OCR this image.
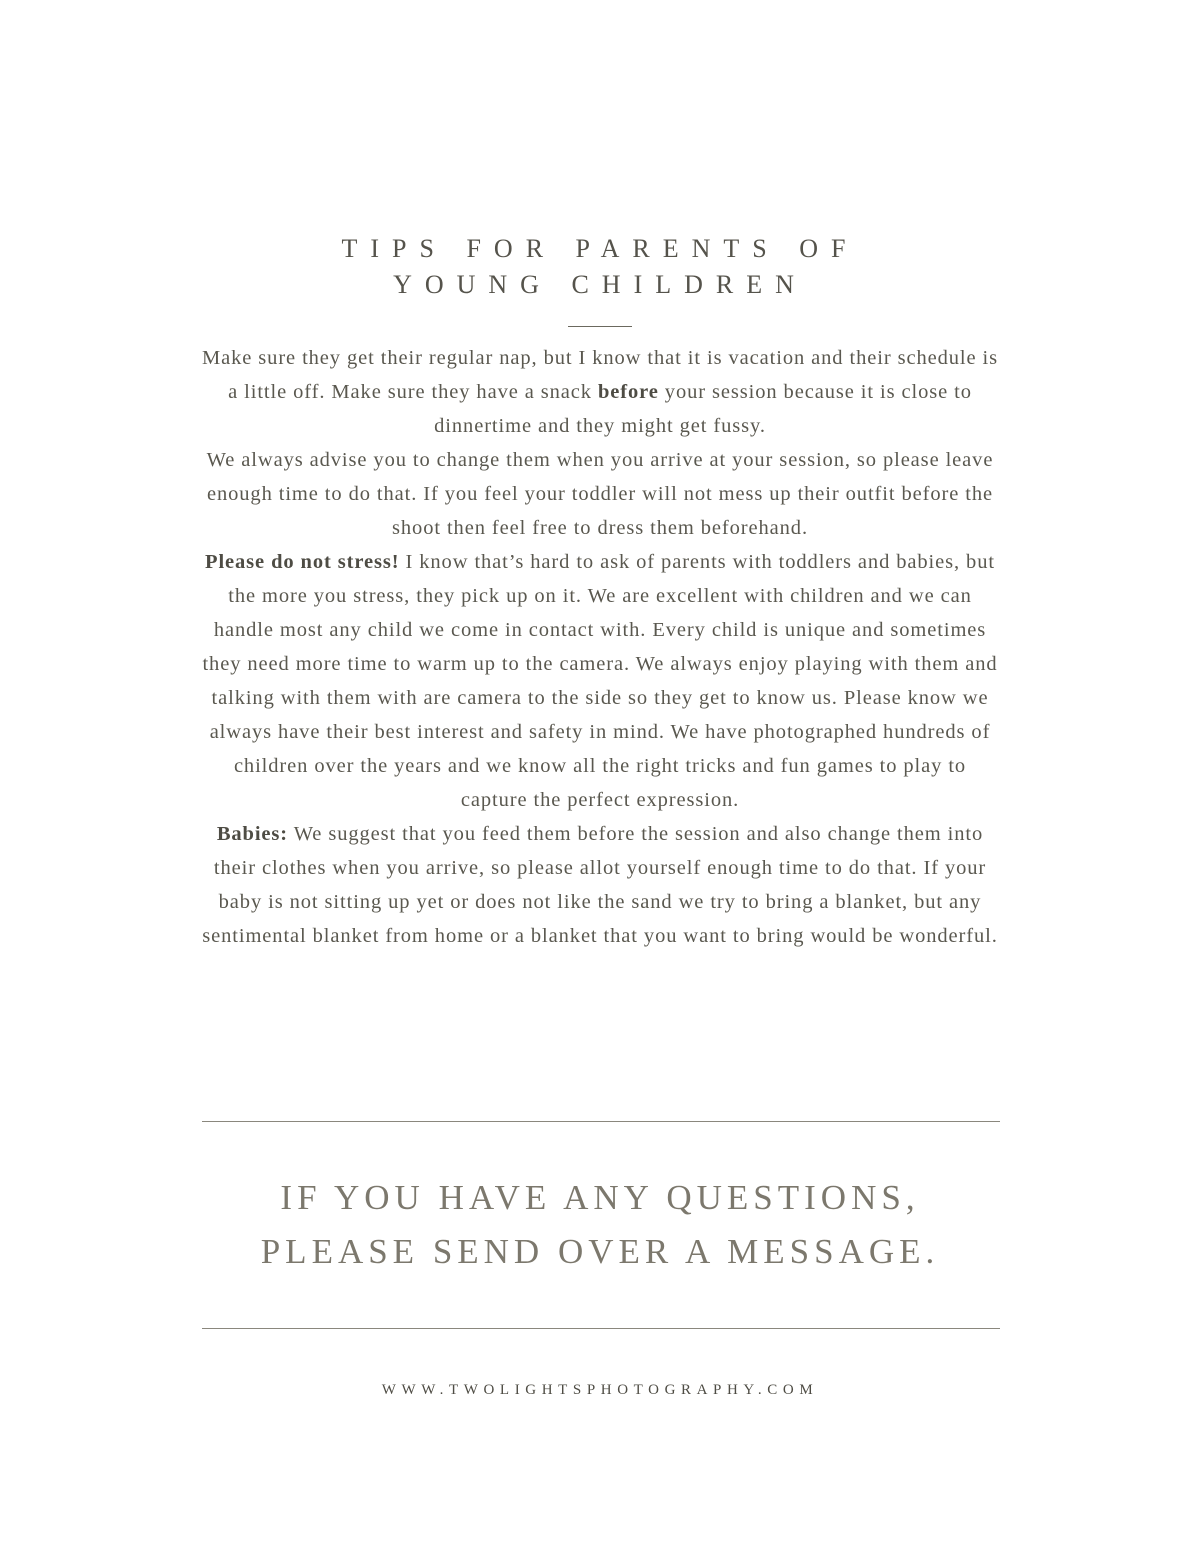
TIPS FOR PARENTS OF
YOUNG CHILDREN

Make sure they get their regular nap, but I know that it is vacation and their schedule is a little off. Make sure they have a snack before your session because it is close to dinnertime and they might get fussy.

We always advise you to change them when you arrive at your session, so please leave enough time to do that. If you feel your toddler will not mess up their outfit before the shoot then feel free to dress them beforehand.

Please do not stress! I know that’s hard to ask of parents with toddlers and babies, but the more you stress, they pick up on it. We are excellent with children and we can handle most any child we come in contact with. Every child is unique and sometimes they need more time to warm up to the camera. We always enjoy playing with them and talking with them with are camera to the side so they get to know us. Please know we always have their best interest and safety in mind. We have photographed hundreds of children over the years and we know all the right tricks and fun games to play to capture the perfect expression.

Babies: We suggest that you feed them before the session and also change them into their clothes when you arrive, so please allot yourself enough time to do that. If your baby is not sitting up yet or does not like the sand we try to bring a blanket, but any sentimental blanket from home or a blanket that you want to bring would be wonderful.

IF YOU HAVE ANY QUESTIONS,
PLEASE SEND OVER A MESSAGE.
WWW.TWOLIGHTSPHOTOGRAPHY.COM
